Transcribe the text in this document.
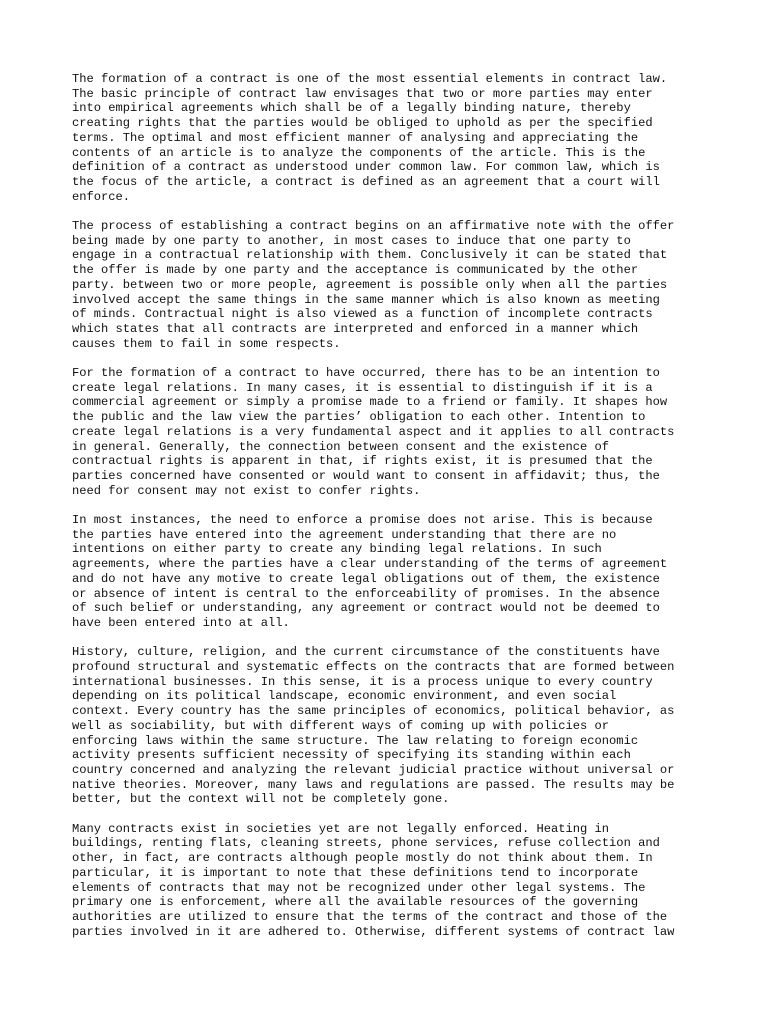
The formation of a contract is one of the most essential elements in contract law.
The basic principle of contract law envisages that two or more parties may enter
into empirical agreements which shall be of a legally binding nature, thereby
creating rights that the parties would be obliged to uphold as per the specified
terms. The optimal and most efficient manner of analysing and appreciating the
contents of an article is to analyze the components of the article. This is the
definition of a contract as understood under common law. For common law, which is
the focus of the article, a contract is defined as an agreement that a court will
enforce.

The process of establishing a contract begins on an affirmative note with the offer
being made by one party to another, in most cases to induce that one party to
engage in a contractual relationship with them. Conclusively it can be stated that
the offer is made by one party and the acceptance is communicated by the other
party. between two or more people, agreement is possible only when all the parties
involved accept the same things in the same manner which is also known as meeting
of minds. Contractual night is also viewed as a function of incomplete contracts
which states that all contracts are interpreted and enforced in a manner which
causes them to fail in some respects.

For the formation of a contract to have occurred, there has to be an intention to
create legal relations. In many cases, it is essential to distinguish if it is a
commercial agreement or simply a promise made to a friend or family. It shapes how
the public and the law view the parties’ obligation to each other. Intention to
create legal relations is a very fundamental aspect and it applies to all contracts
in general. Generally, the connection between consent and the existence of
contractual rights is apparent in that, if rights exist, it is presumed that the
parties concerned have consented or would want to consent in affidavit; thus, the
need for consent may not exist to confer rights.

In most instances, the need to enforce a promise does not arise. This is because
the parties have entered into the agreement understanding that there are no
intentions on either party to create any binding legal relations. In such
agreements, where the parties have a clear understanding of the terms of agreement
and do not have any motive to create legal obligations out of them, the existence
or absence of intent is central to the enforceability of promises. In the absence
of such belief or understanding, any agreement or contract would not be deemed to
have been entered into at all.

History, culture, religion, and the current circumstance of the constituents have
profound structural and systematic effects on the contracts that are formed between
international businesses. In this sense, it is a process unique to every country
depending on its political landscape, economic environment, and even social
context. Every country has the same principles of economics, political behavior, as
well as sociability, but with different ways of coming up with policies or
enforcing laws within the same structure. The law relating to foreign economic
activity presents sufficient necessity of specifying its standing within each
country concerned and analyzing the relevant judicial practice without universal or
native theories. Moreover, many laws and regulations are passed. The results may be
better, but the context will not be completely gone.

Many contracts exist in societies yet are not legally enforced. Heating in
buildings, renting flats, cleaning streets, phone services, refuse collection and
other, in fact, are contracts although people mostly do not think about them. In
particular, it is important to note that these definitions tend to incorporate
elements of contracts that may not be recognized under other legal systems. The
primary one is enforcement, where all the available resources of the governing
authorities are utilized to ensure that the terms of the contract and those of the
parties involved in it are adhered to. Otherwise, different systems of contract law
